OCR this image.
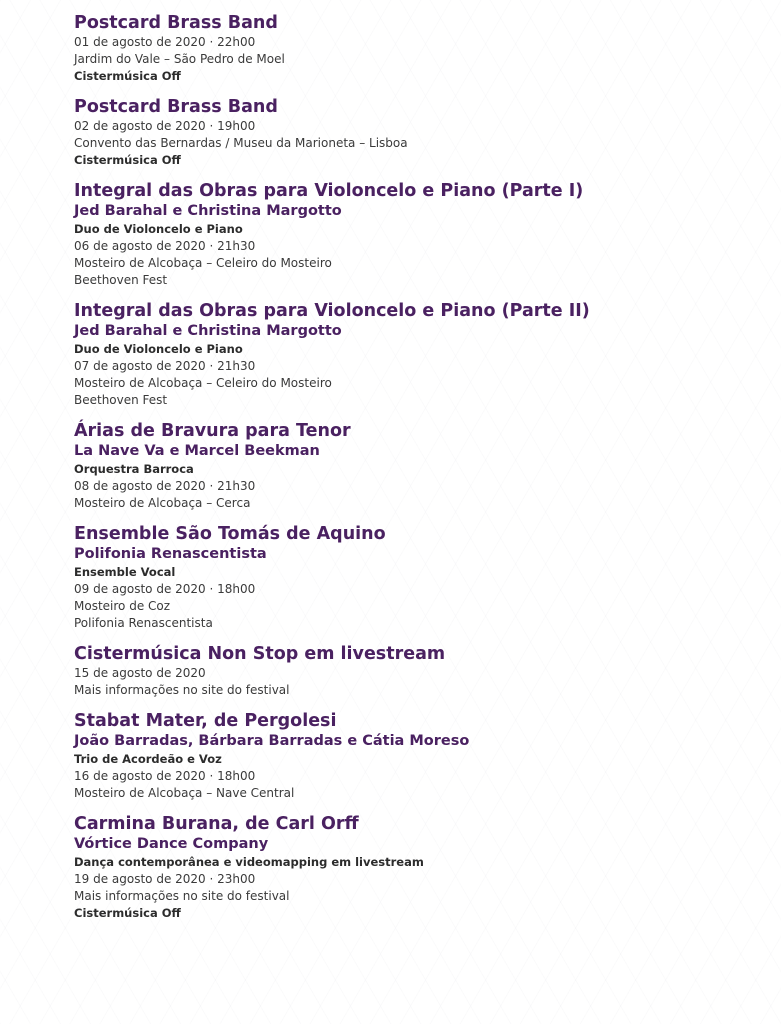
Postcard Brass Band
01 de agosto de 2020 · 22h00
Jardim do Vale – São Pedro de Moel
Cistermúsica Off
Postcard Brass Band
02 de agosto de 2020 · 19h00
Convento das Bernardas / Museu da Marioneta – Lisboa
Cistermúsica Off
Integral das Obras para Violoncelo e Piano (Parte I)
Jed Barahal e Christina Margotto
Duo de Violoncelo e Piano
06 de agosto de 2020 · 21h30
Mosteiro de Alcobaça – Celeiro do Mosteiro
Beethoven Fest
Integral das Obras para Violoncelo e Piano (Parte II)
Jed Barahal e Christina Margotto
Duo de Violoncelo e Piano
07 de agosto de 2020 · 21h30
Mosteiro de Alcobaça – Celeiro do Mosteiro
Beethoven Fest
Árias de Bravura para Tenor
La Nave Va e Marcel Beekman
Orquestra Barroca
08 de agosto de 2020 · 21h30
Mosteiro de Alcobaça – Cerca
Ensemble São Tomás de Aquino
Polifonia Renascentista
Ensemble Vocal
09 de agosto de 2020 · 18h00
Mosteiro de Coz
Polifonia Renascentista
Cistermúsica Non Stop em livestream
15 de agosto de 2020
Mais informações no site do festival
Stabat Mater, de Pergolesi
João Barradas, Bárbara Barradas e Cátia Moreso
Trio de Acordeão e Voz
16 de agosto de 2020 · 18h00
Mosteiro de Alcobaça – Nave Central
Carmina Burana, de Carl Orff
Vórtice Dance Company
Dança contemporânea e videomapping em livestream
19 de agosto de 2020 · 23h00
Mais informações no site do festival
Cistermúsica Off
